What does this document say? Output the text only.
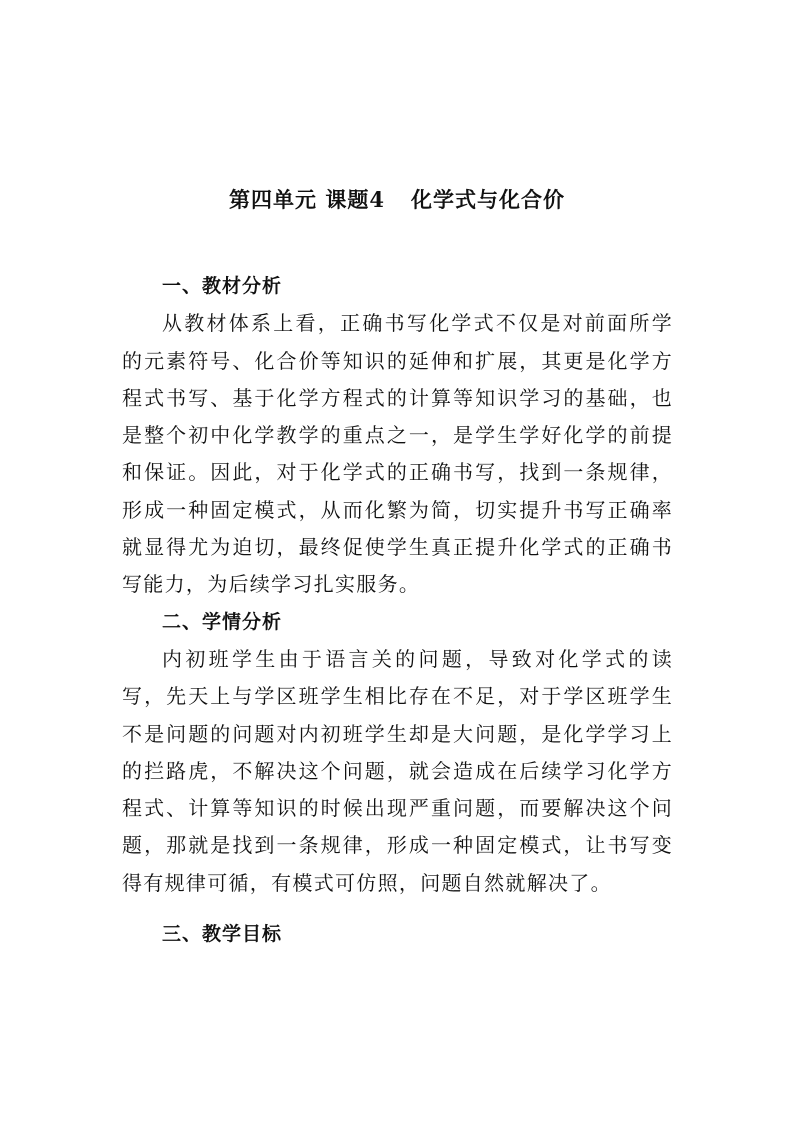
第四单元 课题4 化学式与化合价

一、教材分析

从教材体系上看，正确书写化学式不仅是对前面所学的元素符号、化合价等知识的延伸和扩展，其更是化学方程式书写、基于化学方程式的计算等知识学习的基础，也是整个初中化学教学的重点之一，是学生学好化学的前提和保证。因此，对于化学式的正确书写，找到一条规律，形成一种固定模式，从而化繁为简，切实提升书写正确率就显得尤为迫切，最终促使学生真正提升化学式的正确书写能力，为后续学习扎实服务。

二、学情分析

内初班学生由于语言关的问题，导致对化学式的读写，先天上与学区班学生相比存在不足，对于学区班学生不是问题的问题对内初班学生却是大问题，是化学学习上的拦路虎，不解决这个问题，就会造成在后续学习化学方程式、计算等知识的时候出现严重问题，而要解决这个问题，那就是找到一条规律，形成一种固定模式，让书写变得有规律可循，有模式可仿照，问题自然就解决了。

三、教学目标
